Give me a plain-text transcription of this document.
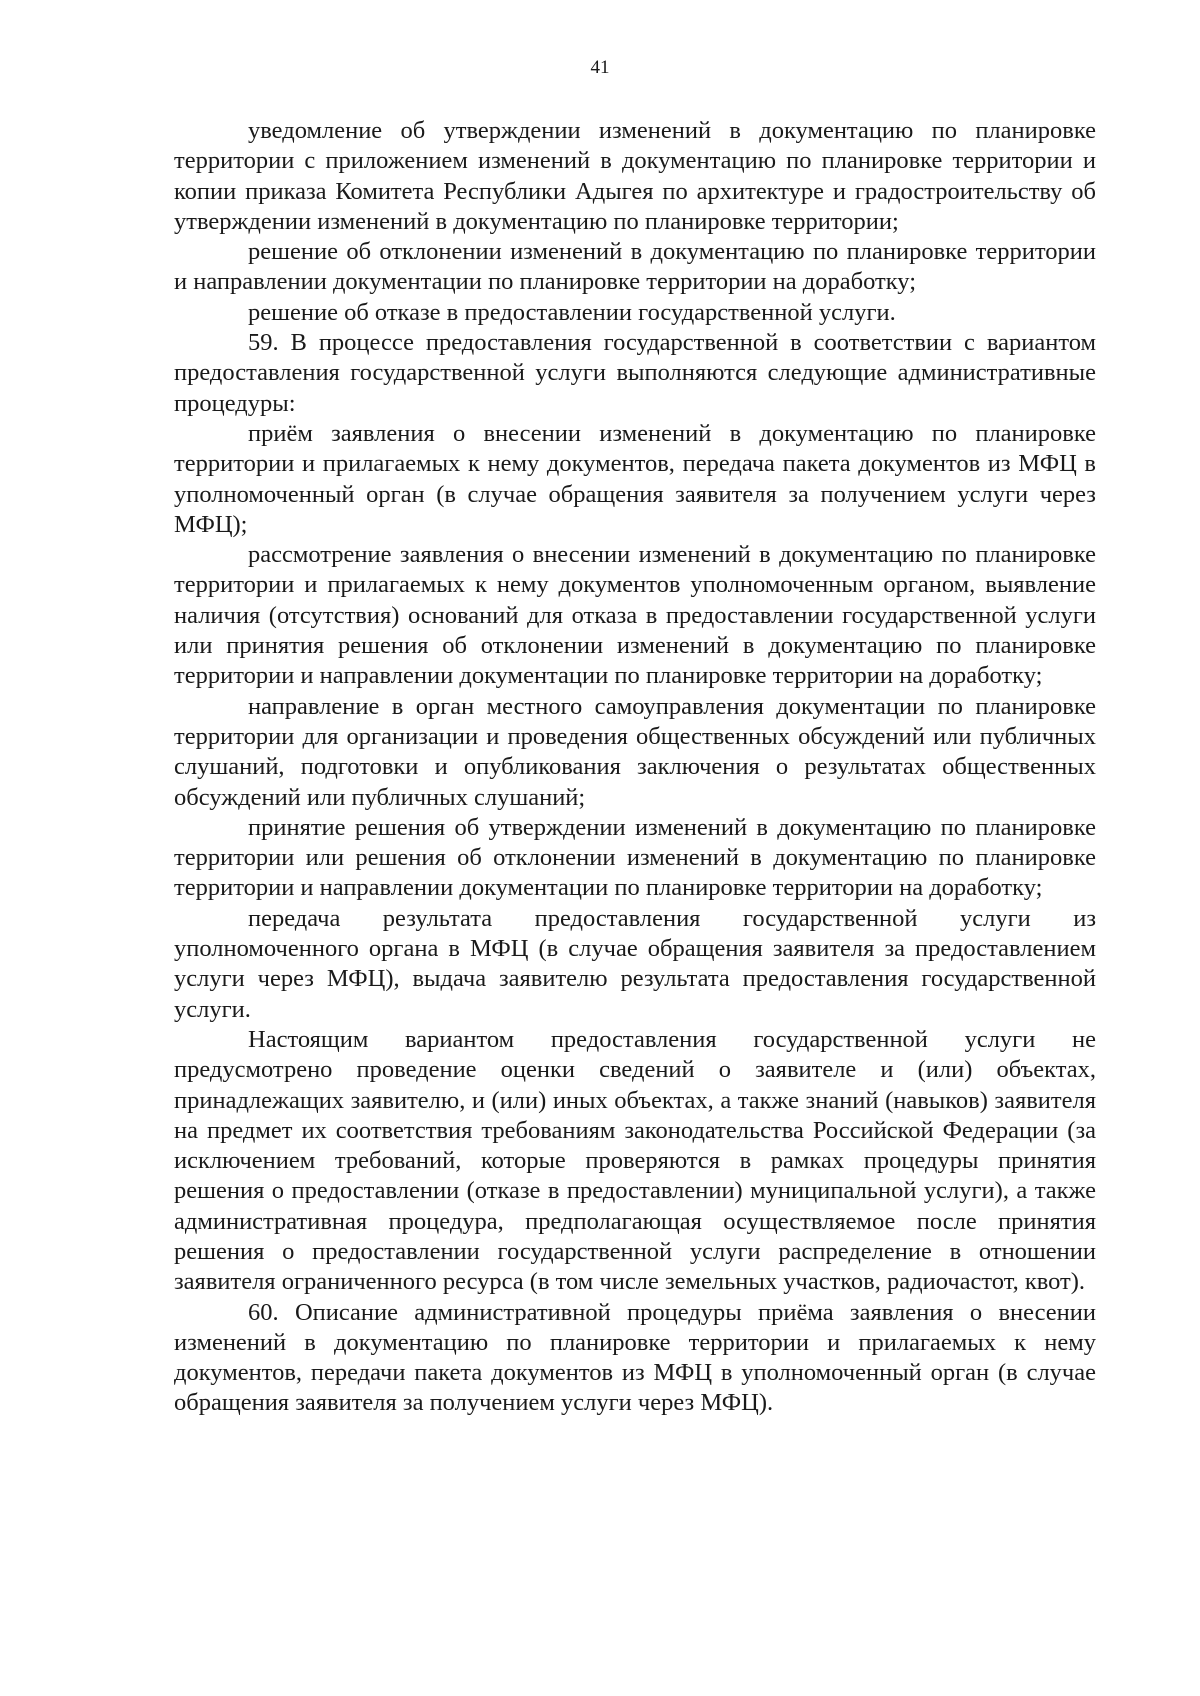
41

уведомление об утверждении изменений в документацию по планировке территории с приложением изменений в документацию по планировке территории и копии приказа Комитета Республики Адыгея по архитектуре и градостроительству об утверждении изменений в документацию по планировке территории;

решение об отклонении изменений в документацию по планировке территории и направлении документации по планировке территории на доработку;

решение об отказе в предоставлении государственной услуги.

59. В процессе предоставления государственной в соответствии с вариантом предоставления государственной услуги выполняются следующие административные процедуры:

приём заявления о внесении изменений в документацию по планировке территории и прилагаемых к нему документов, передача пакета документов из МФЦ в уполномоченный орган (в случае обращения заявителя за получением услуги через МФЦ);

рассмотрение заявления о внесении изменений в документацию по планировке территории и прилагаемых к нему документов уполномоченным органом, выявление наличия (отсутствия) оснований для отказа в предоставлении государственной услуги или принятия решения об отклонении изменений в документацию по планировке территории и направлении документации по планировке территории на доработку;

направление в орган местного самоуправления документации по планировке территории для организации и проведения общественных обсуждений или публичных слушаний, подготовки и опубликования заключения о результатах общественных обсуждений или публичных слушаний;

принятие решения об утверждении изменений в документацию по планировке территории или решения об отклонении изменений в документацию по планировке территории и направлении документации по планировке территории на доработку;

передача результата предоставления государственной услуги из уполномоченного органа в МФЦ (в случае обращения заявителя за предоставлением услуги через МФЦ), выдача заявителю результата предоставления государственной услуги.

Настоящим вариантом предоставления государственной услуги не предусмотрено проведение оценки сведений о заявителе и (или) объектах, принадлежащих заявителю, и (или) иных объектах, а также знаний (навыков) заявителя на предмет их соответствия требованиям законодательства Российской Федерации (за исключением требований, которые проверяются в рамках процедуры принятия решения о предоставлении (отказе в предоставлении) муниципальной услуги), а также административная процедура, предполагающая осуществляемое после принятия решения о предоставлении государственной услуги распределение в отношении заявителя ограниченного ресурса (в том числе земельных участков, радиочастот, квот).

60. Описание административной процедуры приёма заявления о внесении изменений в документацию по планировке территории и прилагаемых к нему документов, передачи пакета документов из МФЦ в уполномоченный орган (в случае обращения заявителя за получением услуги через МФЦ).
